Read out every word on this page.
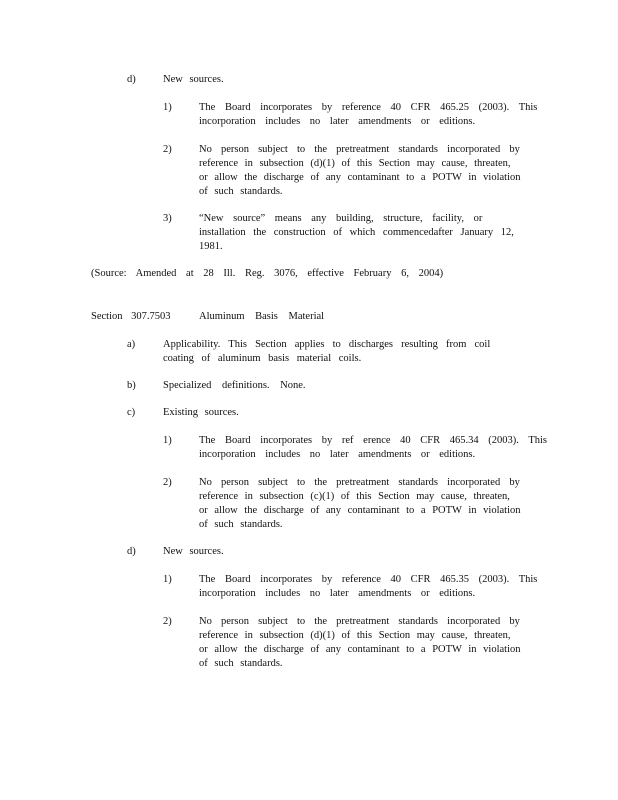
d)	New sources.
1)	The Board incorporates by reference 40 CFR 465.25 (2003). This
incorporation includes no later amendments or editions.
2)	No person subject to the pretreatment standards incorporated by
reference in subsection (d)(1) of this Section may cause, threaten,
or allow the discharge of any contaminant to a POTW in violation
of such standards.
3)	“New source” means any building, structure, facility, or
installation the construction of which commencedafter January 12,
1981.
(Source: Amended at 28 Ill. Reg. 3076, effective February 6, 2004)
Section 307.7503	Aluminum Basis Material
a)	Applicability. This Section applies to discharges resulting from coil
coating of aluminum basis material coils.
b)	Specialized definitions. None.
c)	Existing sources.
1)	The Board incorporates by ref erence 40 CFR 465.34 (2003). This
incorporation includes no later amendments or editions.
2)	No person subject to the pretreatment standards incorporated by
reference in subsection (c)(1) of this Section may cause, threaten,
or allow the discharge of any contaminant to a POTW in violation
of such standards.
d)	New sources.
1)	The Board incorporates by reference 40 CFR 465.35 (2003). This
incorporation includes no later amendments or editions.
2)	No person subject to the pretreatment standards incorporated by
reference in subsection (d)(1) of this Section may cause, threaten,
or allow the discharge of any contaminant to a POTW in violation
of such standards.
